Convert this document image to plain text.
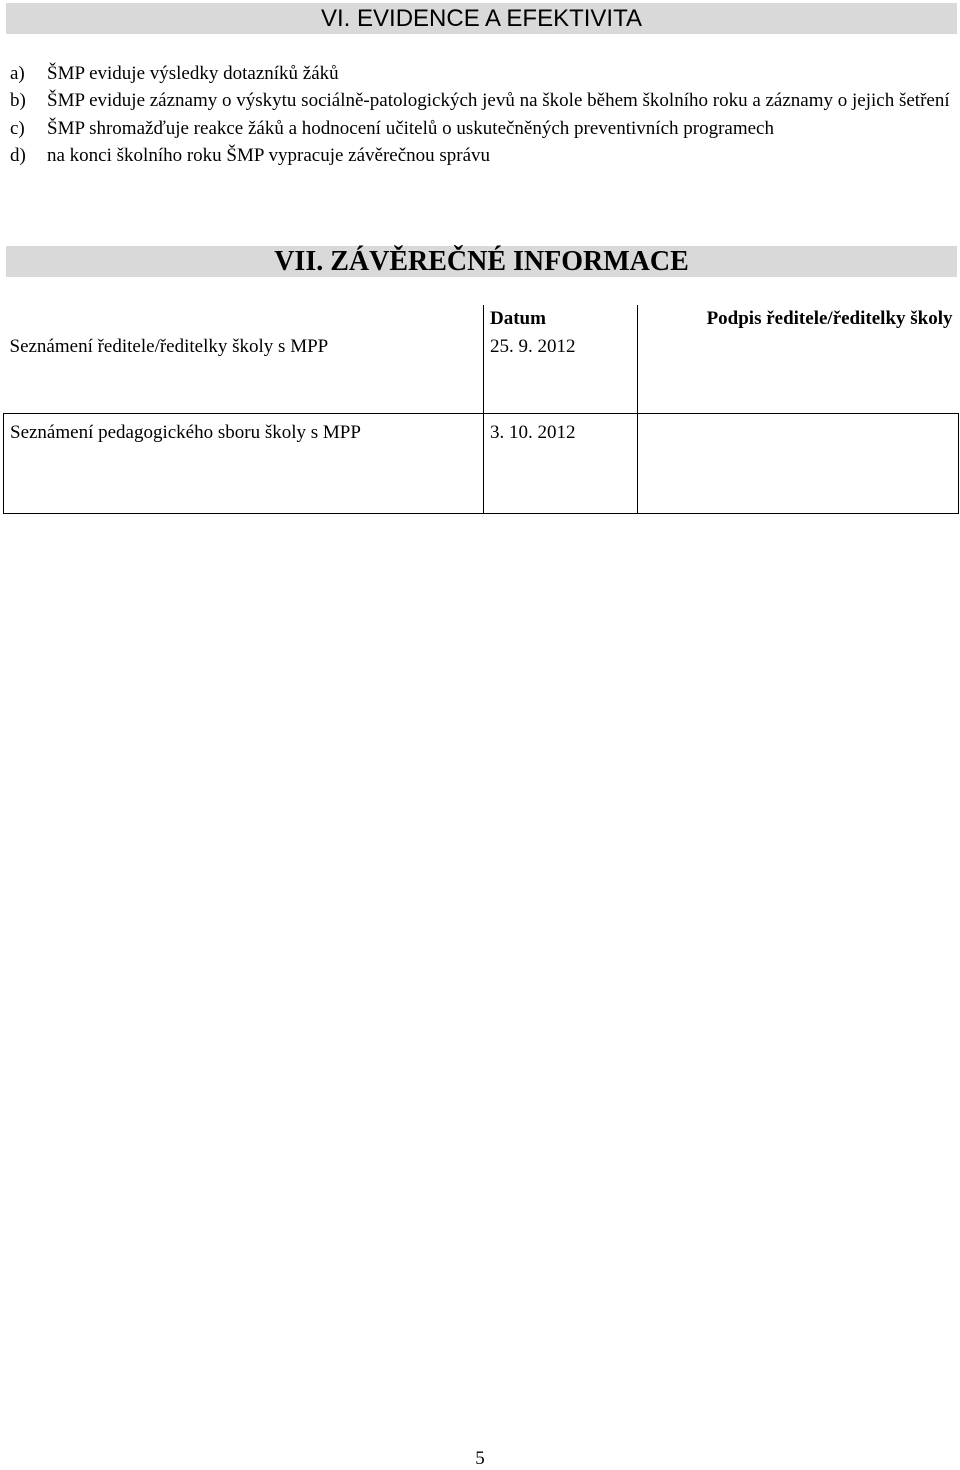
VI. EVIDENCE A EFEKTIVITA
a) ŠMP eviduje výsledky dotazníků žáků
b) ŠMP eviduje záznamy o výskytu sociálně-patologických jevů na škole během školního roku a záznamy o jejich šetření
c) ŠMP shromažďuje reakce žáků a hodnocení učitelů o uskutečněných preventivních programech
d) na konci školního roku ŠMP vypracuje závěrečnou správu
VII. ZÁVĚREČNÉ INFORMACE
	Datum	Podpis ředitele/ředitelky školy
Seznámení ředitele/ředitelky školy s MPP	25. 9. 2012	
Seznámení pedagogického sboru školy s MPP	3. 10. 2012	
5
